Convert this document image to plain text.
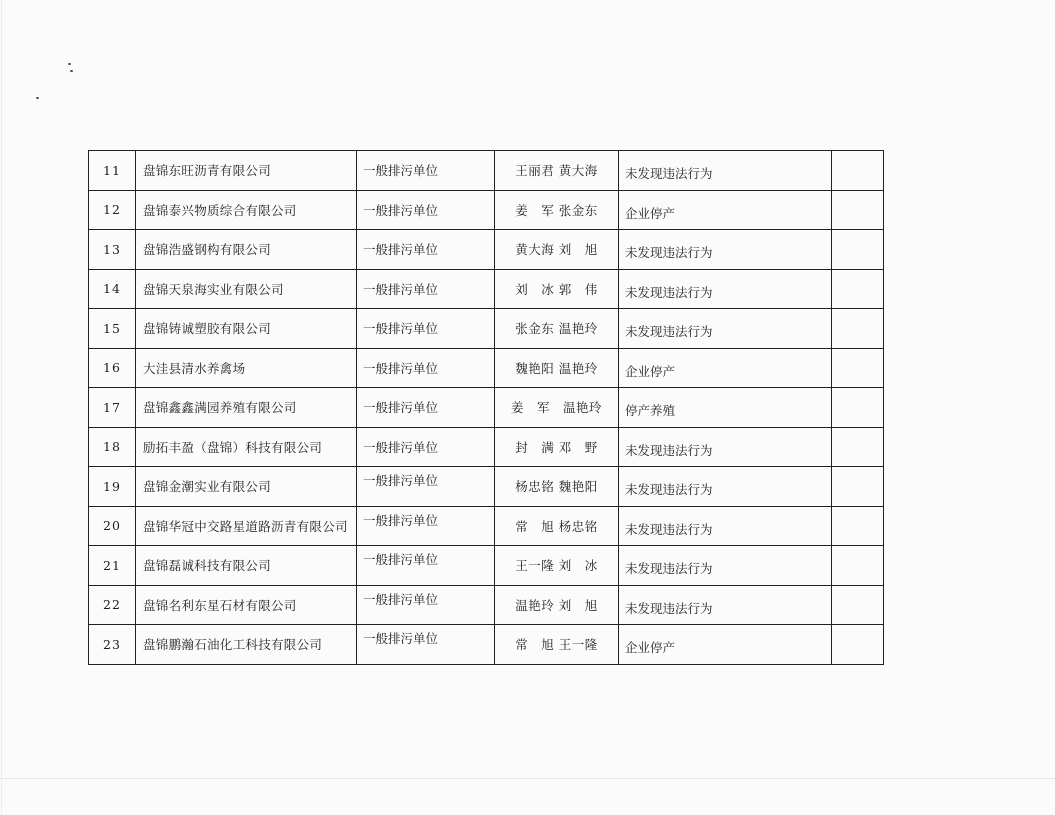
11	盘锦东旺沥青有限公司	一般排污单位	王丽君 黄大海	未发现违法行为	
12	盘锦泰兴物质综合有限公司	一般排污单位	姜　军 张金东	企业停产	
13	盘锦浩盛钢构有限公司	一般排污单位	黄大海 刘　旭	未发现违法行为	
14	盘锦天泉海实业有限公司	一般排污单位	刘　冰 郭　伟	未发现违法行为	
15	盘锦铸诚塑胶有限公司	一般排污单位	张金东 温艳玲	未发现违法行为	
16	大洼县清水养禽场	一般排污单位	魏艳阳 温艳玲	企业停产	
17	盘锦鑫鑫满园养殖有限公司	一般排污单位	姜　军　温艳玲	停产养殖	
18	励拓丰盈（盘锦）科技有限公司	一般排污单位	封　满 邓　野	未发现违法行为	
19	盘锦金潮实业有限公司	一般排污单位	杨忠铭 魏艳阳	未发现违法行为	
20	盘锦华冠中交路星道路沥青有限公司	一般排污单位	常　旭 杨忠铭	未发现违法行为	
21	盘锦磊诚科技有限公司	一般排污单位	王一隆 刘　冰	未发现违法行为	
22	盘锦名利东星石材有限公司	一般排污单位	温艳玲 刘　旭	未发现违法行为	
23	盘锦鹏瀚石油化工科技有限公司	一般排污单位	常　旭 王一隆	企业停产	
